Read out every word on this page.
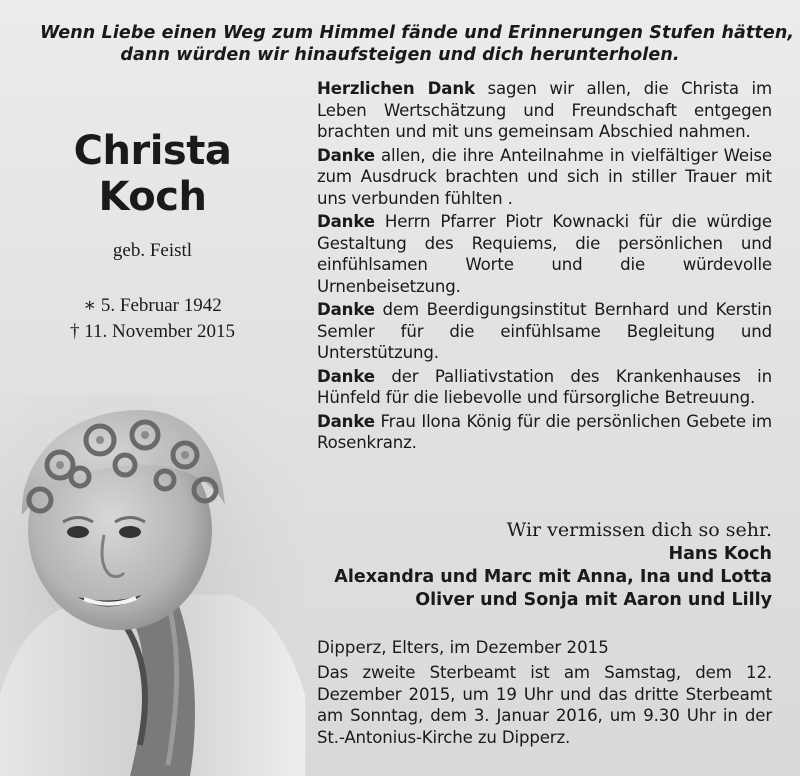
Wenn Liebe einen Weg zum Himmel fände und Erinnerungen Stufen hätten,
dann würden wir hinaufsteigen und dich herunterholen.
Christa
Koch
geb. Feistl
∗ 5. Februar 1942
† 11. November 2015

Herzlichen Dank sagen wir allen, die Christa im Leben Wertschätzung und Freundschaft entgegen brachten und mit uns gemeinsam Abschied nahmen.

Danke allen, die ihre Anteilnahme in vielfältiger Weise zum Ausdruck brachten und sich in stiller Trauer mit uns verbunden fühlten .

Danke Herrn Pfarrer Piotr Kownacki für die würdige Gestaltung des Requiems, die persönlichen und einfühlsamen Worte und die würdevolle Urnenbeisetzung.

Danke dem Beerdigungsinstitut Bernhard und Kerstin Semler für die einfühlsame Begleitung und Unterstützung.

Danke der Palliativstation des Krankenhauses in Hünfeld für die liebevolle und fürsorgliche Betreuung.

Danke Frau Ilona König für die persönlichen Gebete im Rosenkranz.

Wir vermissen dich so sehr.
Hans Koch
Alexandra und Marc mit Anna, Ina und Lotta
Oliver und Sonja mit Aaron und Lilly
Dipperz, Elters, im Dezember 2015
Das zweite Sterbeamt ist am Samstag, dem 12. Dezember 2015, um 19 Uhr und das dritte Sterbeamt am Sonntag, dem 3. Januar 2016, um 9.30 Uhr in der St.-Antonius-Kirche zu Dipperz.
